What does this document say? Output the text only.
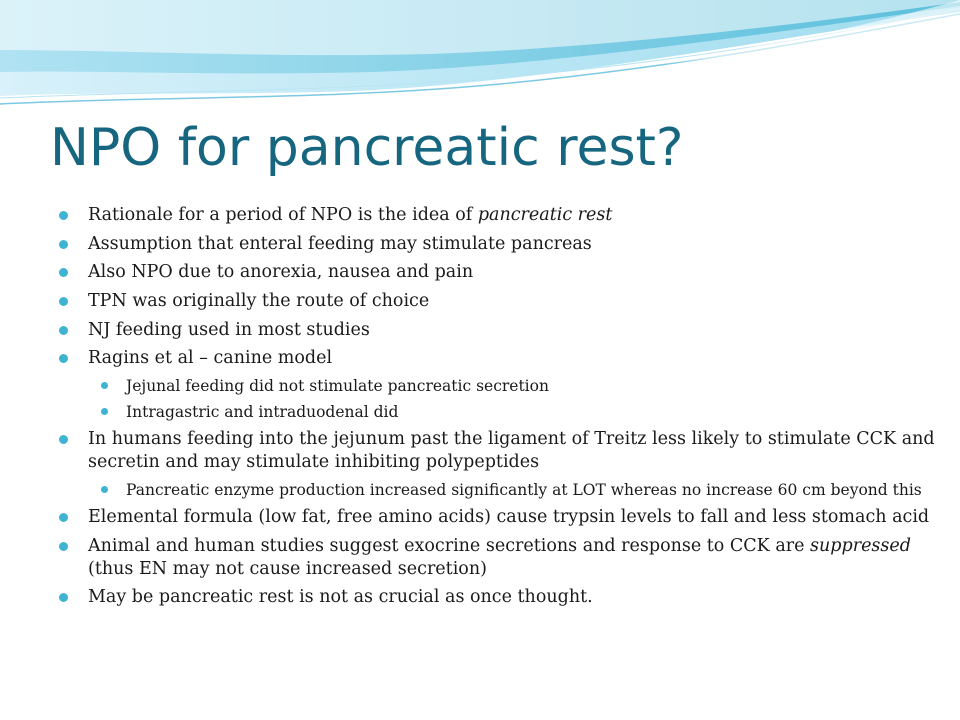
NPO for pancreatic rest?
Rationale for a period of NPO is the idea of pancreatic rest
Assumption that enteral feeding may stimulate pancreas
Also NPO due to anorexia, nausea and pain
TPN was originally the route of choice
NJ feeding used in most studies
Ragins et al – canine model
Jejunal feeding did not stimulate pancreatic secretion
Intragastric and intraduodenal did
In humans feeding into the jejunum past the ligament of Treitz less likely to stimulate CCK and secretin and may stimulate inhibiting polypeptides
Pancreatic enzyme production increased significantly at LOT whereas no increase 60 cm beyond this
Elemental formula (low fat, free amino acids) cause trypsin levels to fall and less stomach acid
Animal and human studies suggest exocrine secretions and response to CCK are suppressed (thus EN may not cause increased secretion)
May be pancreatic rest is not as crucial as once thought.
